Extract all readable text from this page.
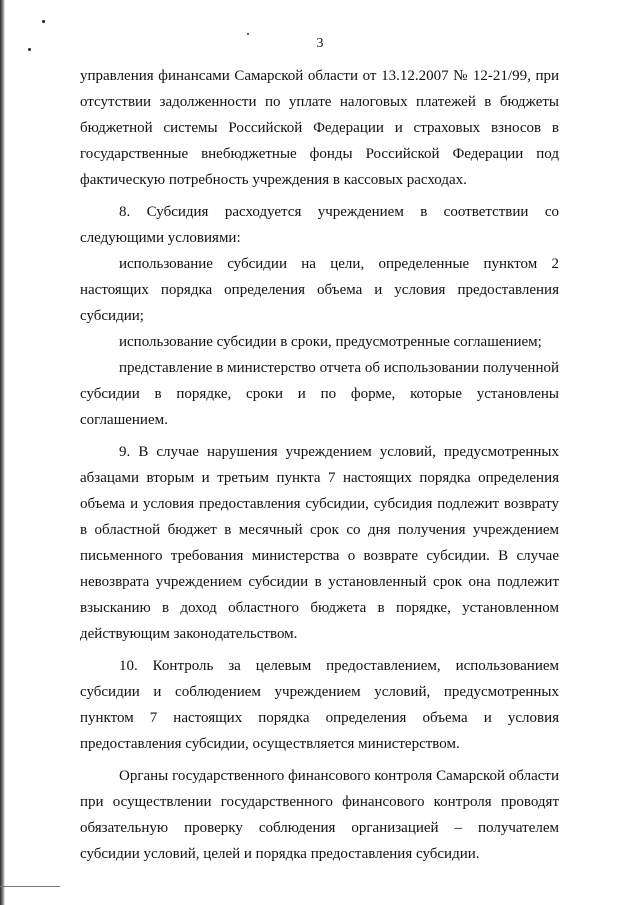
3

управления финансами Самарской области от 13.12.2007 № 12-21/99, при отсутствии задолженности по уплате налоговых платежей в бюджеты бюджетной системы Российской Федерации и страховых взносов в государственные внебюджетные фонды Российской Федерации под фактическую потребность учреждения в кассовых расходах.

8. Субсидия расходуется учреждением в соответствии со следующими условиями:

использование субсидии на цели, определенные пунктом 2 настоящих порядка определения объема и условия предоставления субсидии;

использование субсидии в сроки, предусмотренные соглашением;

представление в министерство отчета об использовании полученной субсидии в порядке, сроки и по форме, которые установлены соглашением.

9. В случае нарушения учреждением условий, предусмотренных абзацами вторым и третьим пункта 7 настоящих порядка определения объема и условия предоставления субсидии, субсидия подлежит возврату в областной бюджет в месячный срок со дня получения учреждением письменного требования министерства о возврате субсидии. В случае невозврата учреждением субсидии в установленный срок она подлежит взысканию в доход областного бюджета в порядке, установленном действующим законодательством.

10. Контроль за целевым предоставлением, использованием субсидии и соблюдением учреждением условий, предусмотренных пунктом 7 настоящих порядка определения объема и условия предоставления субсидии, осуществляется министерством.

Органы государственного финансового контроля Самарской области при осуществлении государственного финансового контроля проводят обязательную проверку соблюдения организацией – получателем субсидии условий, целей и порядка предоставления субсидии.
